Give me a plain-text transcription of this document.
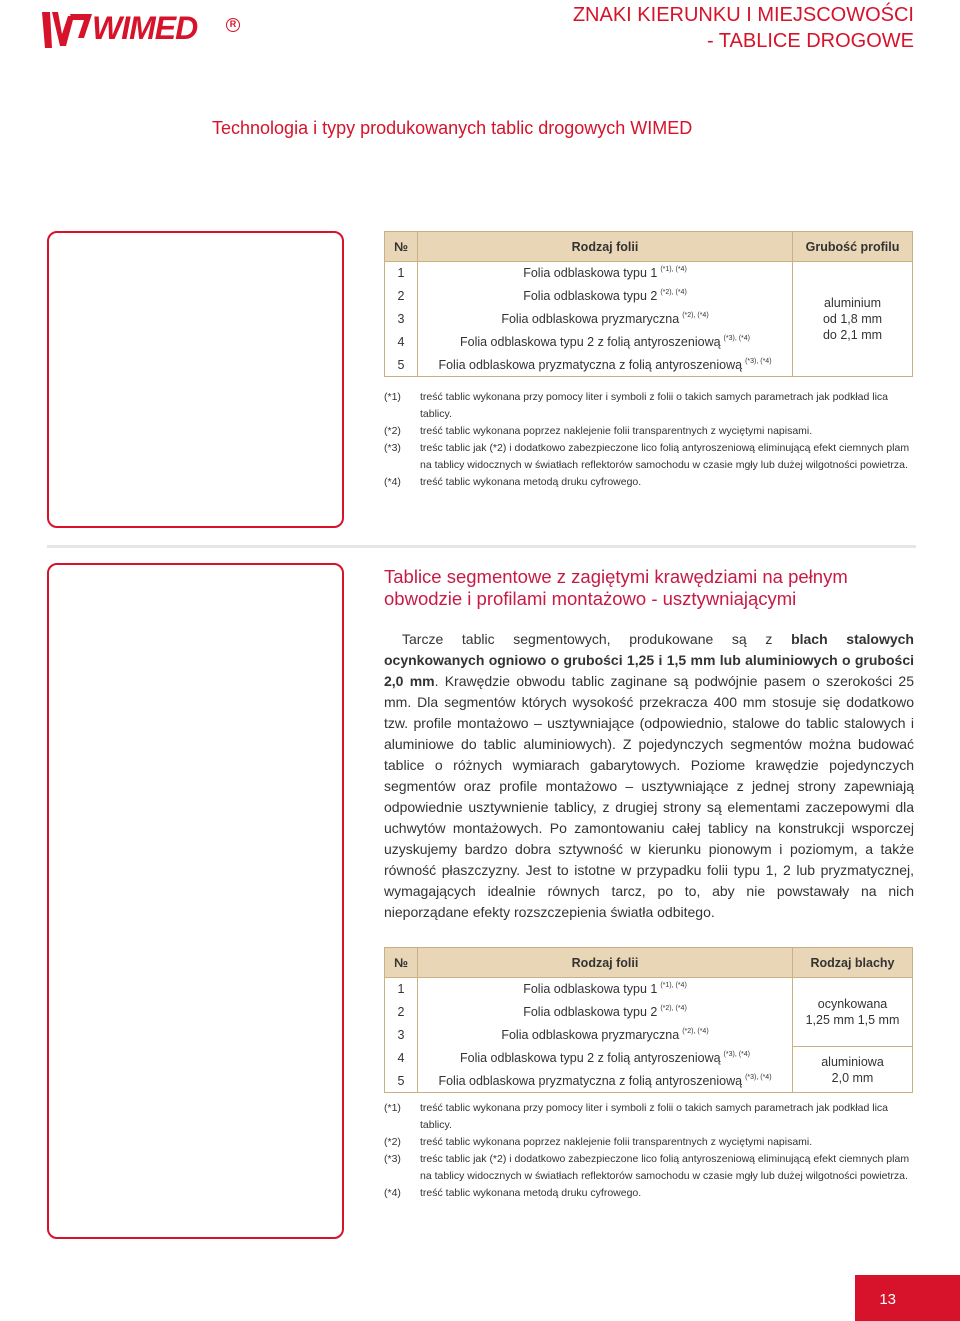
WIMED	R	ZNAKI KIERUNKU I MIEJSCOWOŚCI
- TABLICE DROGOWE
Technologia i typy produkowanych tablic drogowych WIMED
№	Rodzaj folii	Grubość profilu
1	Folia odblaskowa typu 1 $^{(*1), (*4)}$	aluminium
od 1,8 mm
do 2,1 mm

2	Folia odblaskowa typu 2 $^{(*2), (*4)}$
3	Folia odblaskowa pryzmaryczna $^{(*2), (*4)}$
4	Folia odblaskowa typu 2 z folią antyroszeniową $^{(*3), (*4)}$
5	Folia odblaskowa pryzmatyczna z folią antyroszeniową $^{(*3), (*4)}$
(*1)	treść tablic wykonana przy pomocy liter i symboli z folii o takich samych parametrach jak podkład lica tablicy.
(*2)	treść tablic wykonana poprzez naklejenie folii transparentnych z wyciętymi napisami.
(*3)	treśc tablic jak (*2) i dodatkowo zabezpieczone lico folią antyroszeniową eliminującą efekt ciemnych plam na tablicy widocznych w światłach reflektorów samochodu w czasie mgły lub dużej wilgotności powietrza.
(*4)	treść tablic wykonana metodą druku cyfrowego.
Tablice segmentowe z zagiętymi krawędziami na pełnym obwodzie i profilami montażowo - usztywniającymi
Tarcze tablic segmentowych, produkowane są z blach stalowych ocynkowanych ogniowo o grubości 1,25 i 1,5 mm lub aluminiowych o grubości 2,0 mm. Krawędzie obwodu tablic zaginane są podwójnie pasem o szerokości 25 mm. Dla segmentów których wysokość przekracza 400 mm stosuje się dodatkowo tzw. profile montażowo – usztywniające (odpowiednio, stalowe do tablic stalowych i aluminiowe do tablic aluminiowych). Z pojedynczych segmentów można budować tablice o różnych wymiarach gabarytowych. Poziome krawędzie pojedynczych segmentów oraz profile montażowo – usztywniające z jednej strony zapewniają odpowiednie usztywnienie tablicy, z drugiej strony są elementami zaczepowymi dla uchwytów montażowych. Po zamontowaniu całej tablicy na konstrukcji wsporczej uzyskujemy bardzo dobra sztywność w kierunku pionowym i poziomym, a także równość płaszczyzny. Jest to istotne w przypadku folii typu 1, 2 lub pryzmatycznej, wymagających idealnie równych tarcz, po to, aby nie powstawały na nich nieporządane efekty rozszczepienia światła odbitego.
№	Rodzaj folii	Rodzaj blachy
1	Folia odblaskowa typu 1 $^{(*1), (*4)}$	ocynkowana
1,25 mm 1,5 mm

2	Folia odblaskowa typu 2 $^{(*2), (*4)}$
3	Folia odblaskowa pryzmaryczna $^{(*2), (*4)}$
4	Folia odblaskowa typu 2 z folią antyroszeniową $^{(*3), (*4)}$	aluminiowa
2,0 mm

5	Folia odblaskowa pryzmatyczna z folią antyroszeniową $^{(*3), (*4)}$
(*1)	treść tablic wykonana przy pomocy liter i symboli z folii o takich samych parametrach jak podkład lica tablicy.
(*2)	treść tablic wykonana poprzez naklejenie folii transparentnych z wyciętymi napisami.
(*3)	treśc tablic jak (*2) i dodatkowo zabezpieczone lico folią antyroszeniową eliminującą efekt ciemnych plam na tablicy widocznych w światłach reflektorów samochodu w czasie mgły lub dużej wilgotności powietrza.
(*4)	treść tablic wykonana metodą druku cyfrowego.
13
